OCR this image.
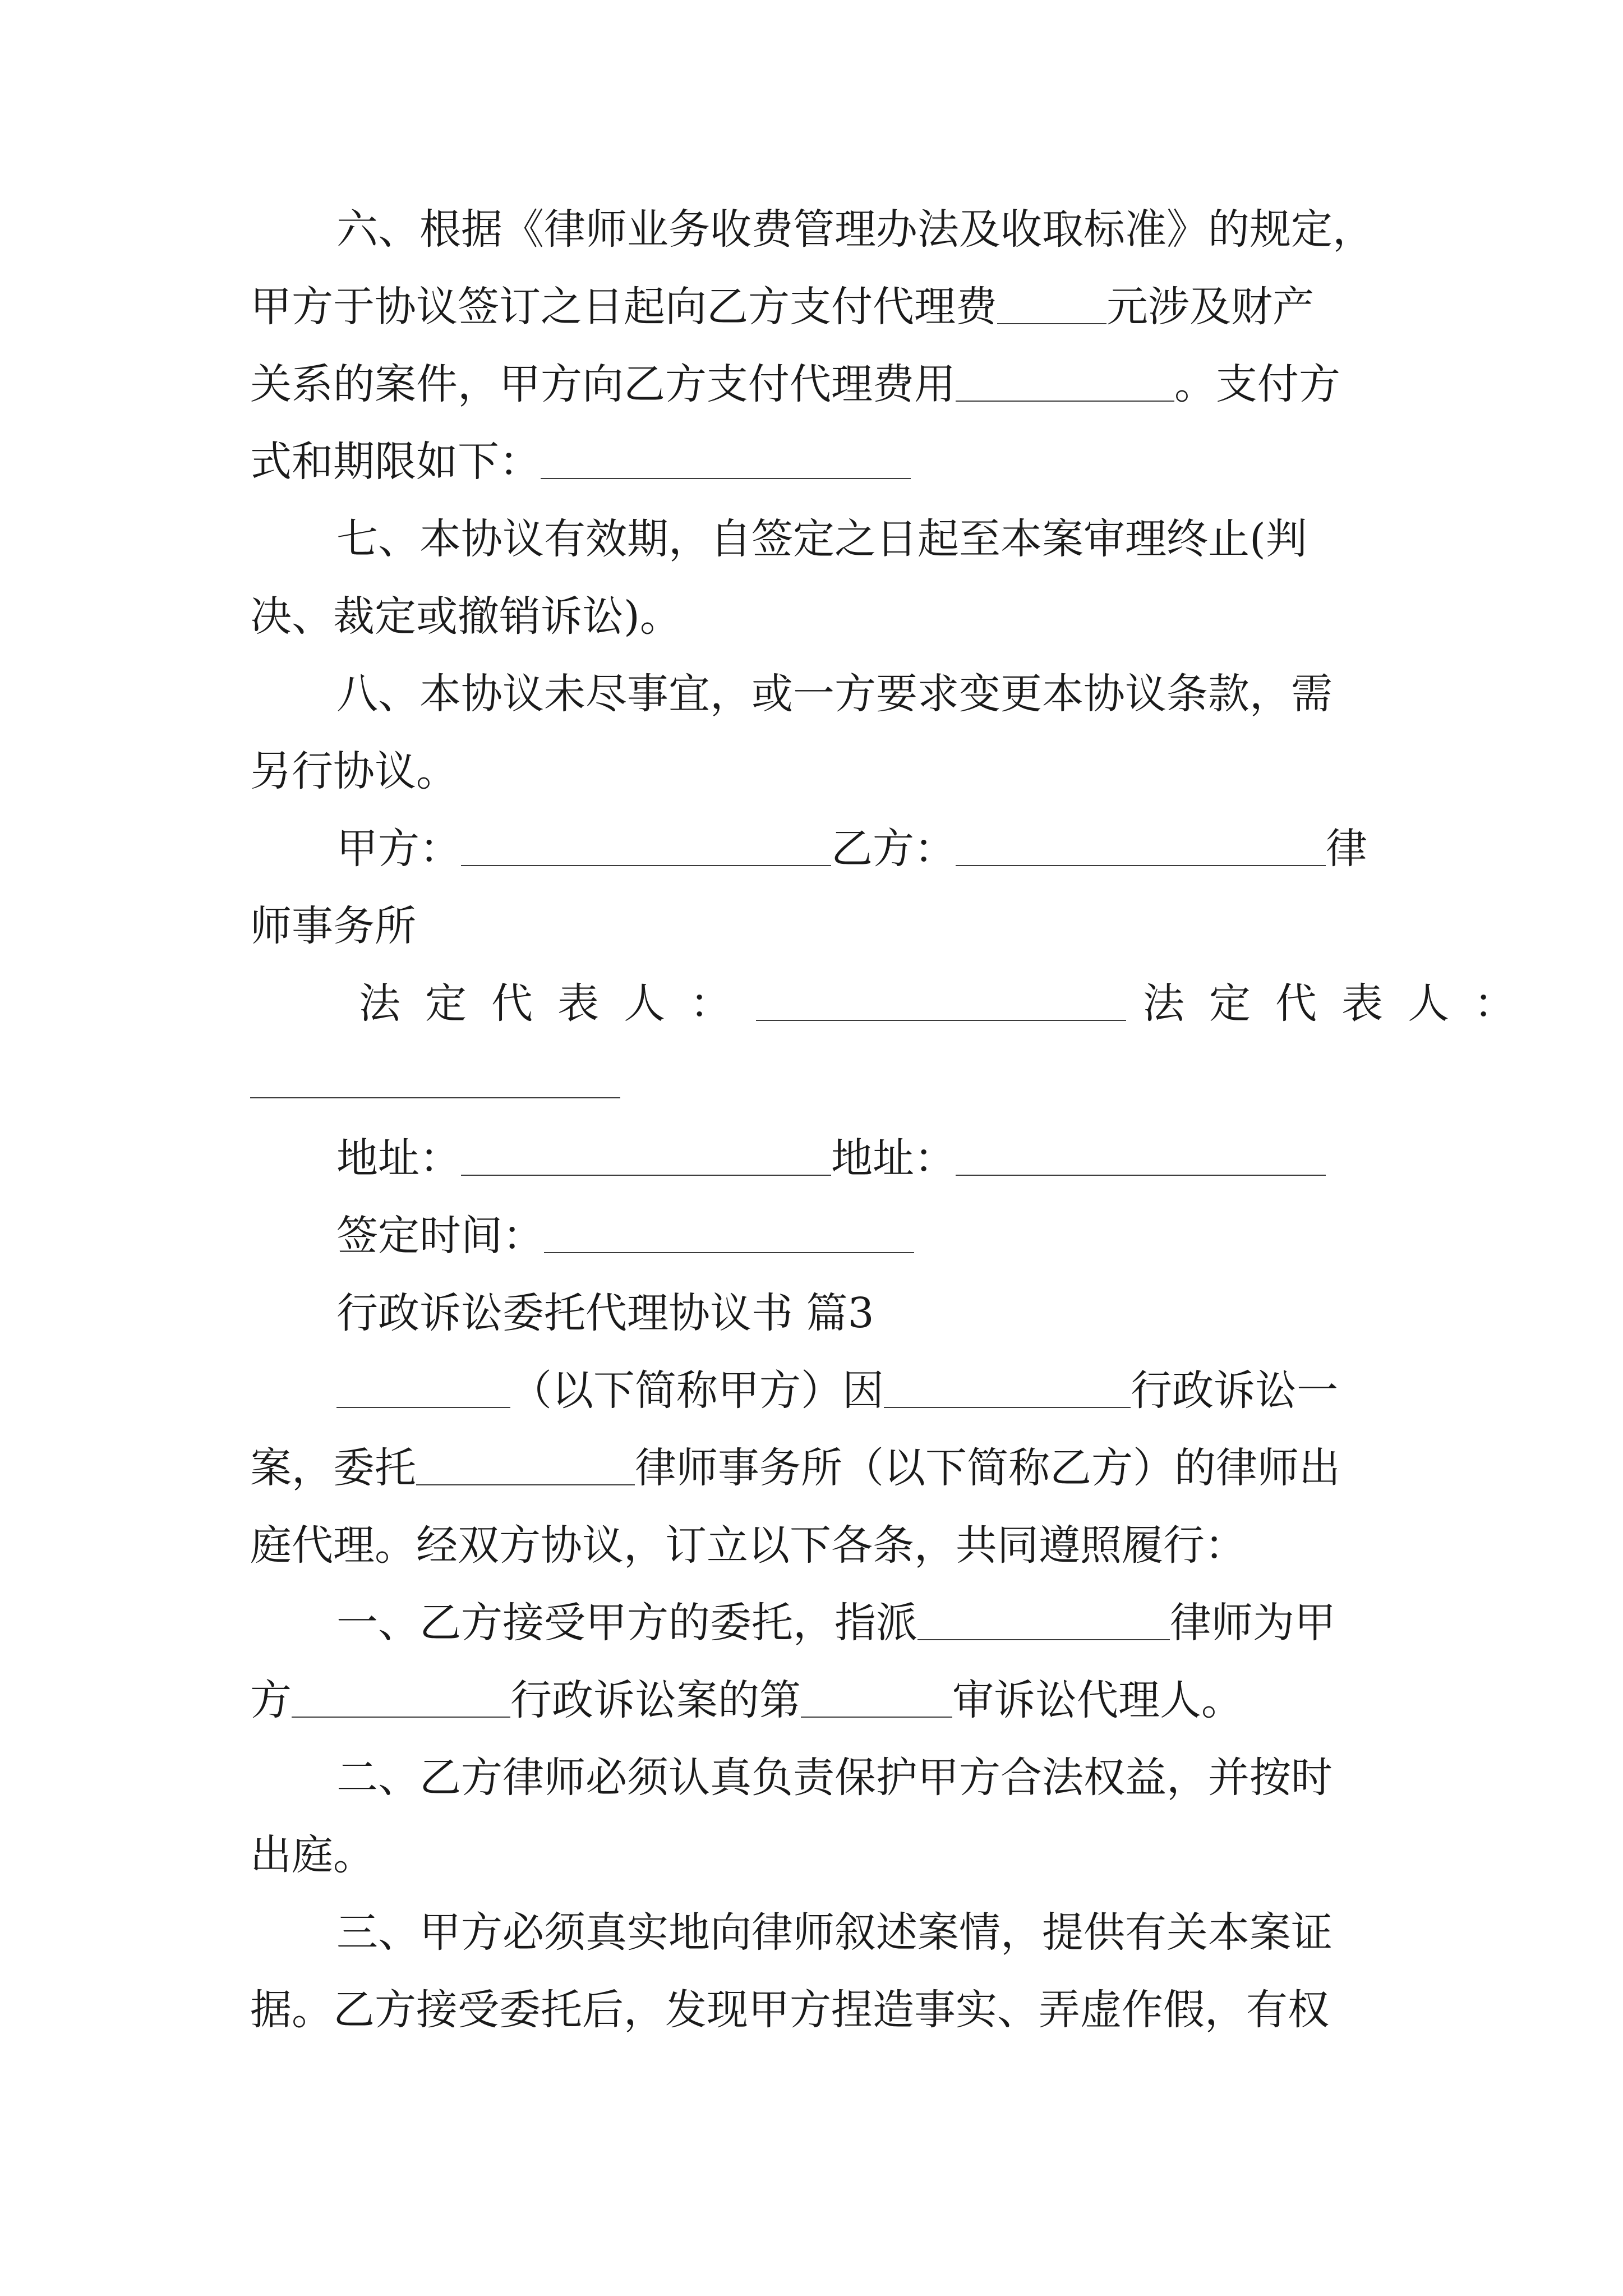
六、根据《律师业务收费管理办法及收取标准》的规定，
甲方于协议签订之日起向乙方支付代理费	元涉及财产
关系的案件，甲方向乙方支付代理费用	。支付方
式和期限如下：
七、本协议有效期，自签定之日起至本案审理终止(判
决、裁定或撤销诉讼)。
八、本协议未尽事宜，或一方要求变更本协议条款，需
另行协议。
甲方：	乙方：	律
师事务所
法定代表人：	法定代表人：
地址：	地址：
签定时间：
行政诉讼委托代理协议书 篇3
（以下简称甲方）因	行政诉讼一
案，委托	律师事务所（以下简称乙方）的律师出
庭代理。经双方协议，订立以下各条，共同遵照履行：
一、乙方接受甲方的委托，指派	律师为甲
方	行政诉讼案的第	审诉讼代理人。
二、乙方律师必须认真负责保护甲方合法权益，并按时
出庭。
三、甲方必须真实地向律师叙述案情，提供有关本案证
据。乙方接受委托后，发现甲方捏造事实、弄虚作假，有权
